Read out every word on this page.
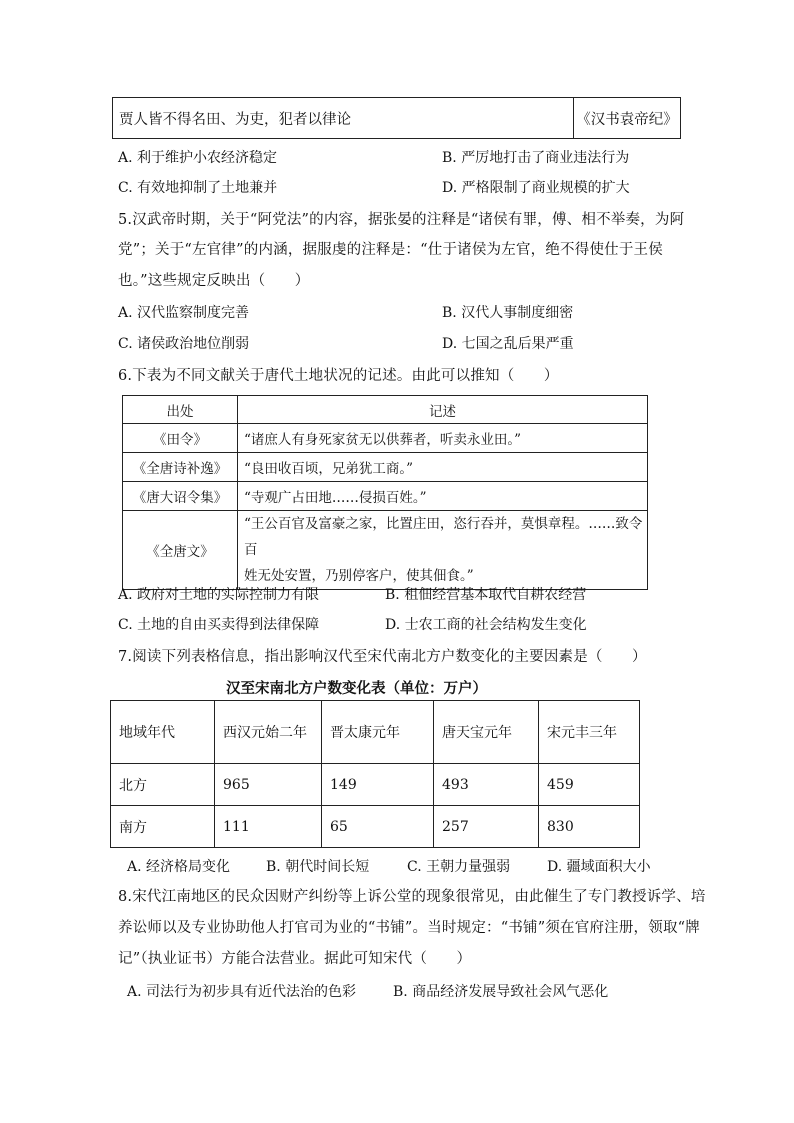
贾人皆不得名田、为吏，犯者以律论	《汉书袁帝纪》
A. 利于维护小农经济稳定	B. 严厉地打击了商业违法行为
C. 有效地抑制了土地兼并	D. 严格限制了商业规模的扩大
5.汉武帝时期，关于“阿党法”的内容，据张晏的注释是“诸侯有罪，傅、相不举奏，为阿
党”；关于“左官律”的内涵，据服虔的注释是：“仕于诸侯为左官，绝不得使仕于王侯
也。”这些规定反映出（　　）
A. 汉代监察制度完善	B. 汉代人事制度细密
C. 诸侯政治地位削弱	D. 七国之乱后果严重
6.下表为不同文献关于唐代土地状况的记述。由此可以推知（　　）
出处	记述
《田令》	“诸庶人有身死家贫无以供葬者，听卖永业田。”
《全唐诗补逸》	“良田收百顷，兄弟犹工商。”
《唐大诏令集》	“寺观广占田地……侵损百姓。”
《全唐文》	“王公百官及富豪之家，比置庄田，恣行吞并，莫惧章程。……致令百
姓无处安置，乃别停客户，使其佃食。”
A. 政府对土地的实际控制力有限	B. 租佃经营基本取代自耕农经营
C. 土地的自由买卖得到法律保障	D. 士农工商的社会结构发生变化
7.阅读下列表格信息，指出影响汉代至宋代南北方户数变化的主要因素是（　　）
汉至宋南北方户数变化表（单位：万户）
地域年代	西汉元始二年	晋太康元年	唐天宝元年	宋元丰三年
北方	965	149	493	459
南方	111	65	257	830
A. 经济格局变化	B. 朝代时间长短	C. 王朝力量强弱	D. 疆域面积大小
8.宋代江南地区的民众因财产纠纷等上诉公堂的现象很常见，由此催生了专门教授诉学、培
养讼师以及专业协助他人打官司为业的“书铺”。当时规定：“书铺”须在官府注册，领取“牌
记”（执业证书）方能合法营业。据此可知宋代（　　）
A. 司法行为初步具有近代法治的色彩	B. 商品经济发展导致社会风气恶化
